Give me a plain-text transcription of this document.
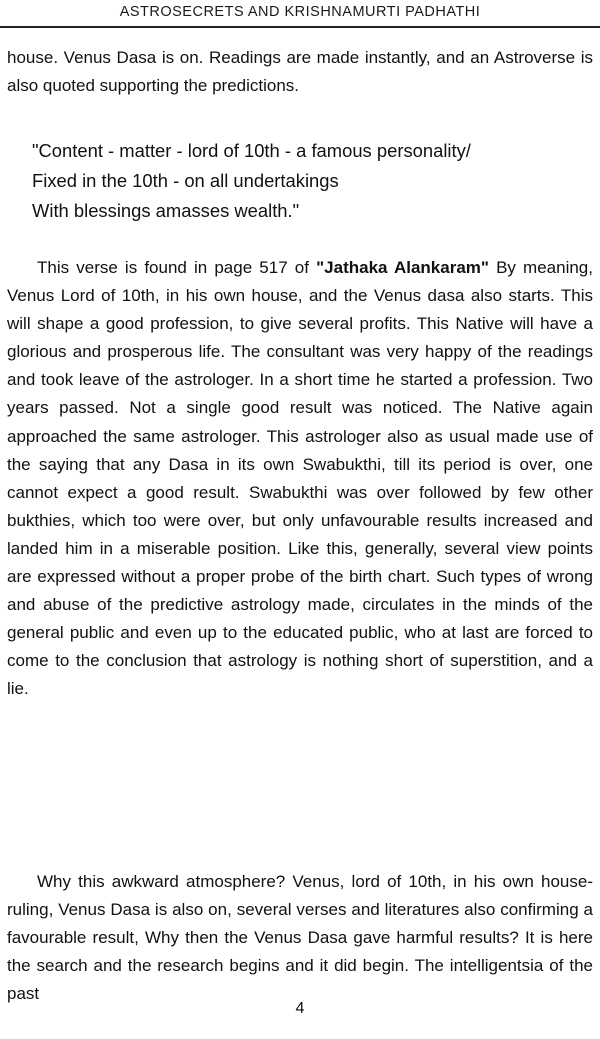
ASTROSECRETS AND KRISHNAMURTI PADHATHI

house. Venus Dasa is on. Readings are made instantly, and an Astroverse is also quoted supporting the predictions.

"Content - matter - lord of 10th - a famous personality/
Fixed in the 10th - on all undertakings
With blessings amasses wealth."

This verse is found in page 517 of "Jathaka Alankaram" By meaning, Venus Lord of 10th, in his own house, and the Venus dasa also starts. This will shape a good profession, to give several profits. This Native will have a glorious and prosperous life. The consultant was very happy of the readings and took leave of the astrologer. In a short time he started a profession. Two years passed. Not a single good result was noticed. The Native again approached the same astrologer. This astrologer also as usual made use of the saying that any Dasa in its own Swabukthi, till its period is over, one cannot expect a good result. Swabukthi was over followed by few other bukthies, which too were over, but only unfavourable results increased and landed him in a miserable position. Like this, generally, several view points are expressed without a proper probe of the birth chart. Such types of wrong and abuse of the predictive astrology made, circulates in the minds of the general public and even up to the educated public, who at last are forced to come to the conclusion that astrology is nothing short of superstition, and a lie.

Why this awkward atmosphere? Venus, lord of 10th, in his own house-ruling, Venus Dasa is also on, several verses and literatures also confirming a favourable result, Why then the Venus Dasa gave harmful results? It is here the search and the research begins and it did begin. The intelligentsia of the past

4
